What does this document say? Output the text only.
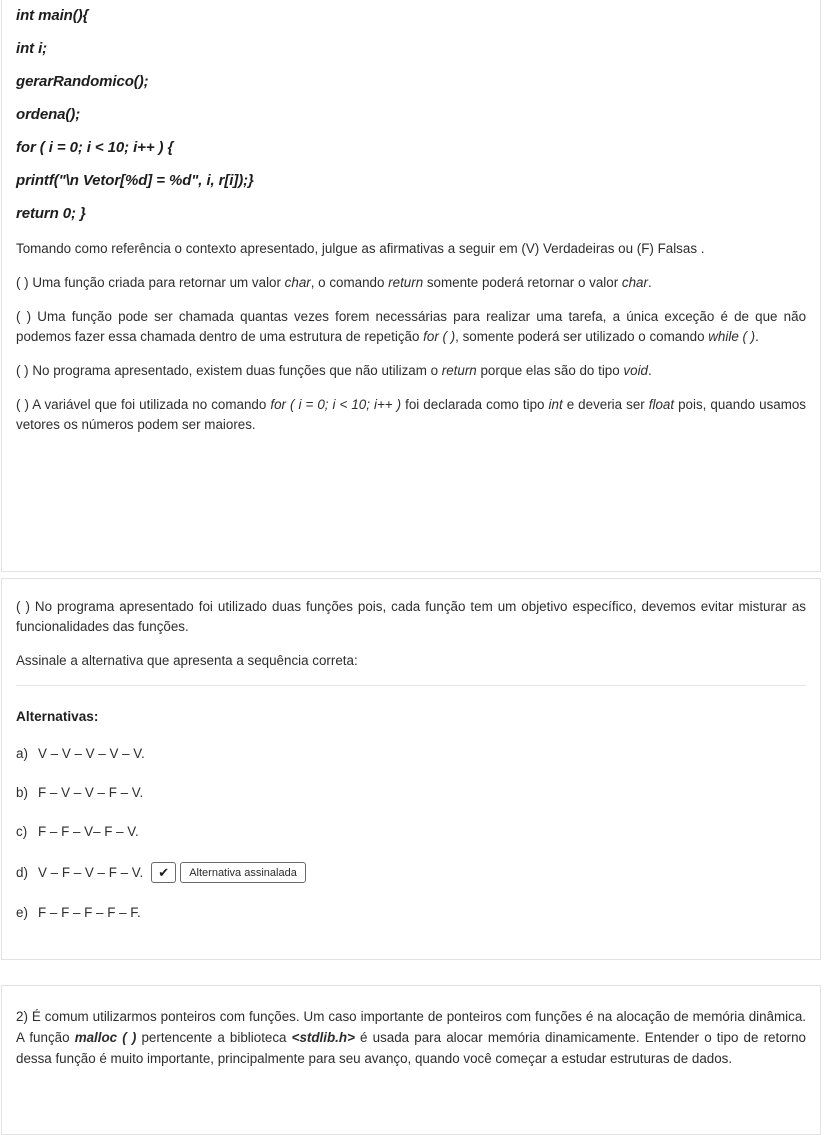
int main(){
int i;
gerarRandomico();
ordena();
for ( i = 0; i < 10; i++ ) {
printf("\n Vetor[%d] = %d", i, r[i]);}
return 0; }

Tomando como referência o contexto apresentado, julgue as afirmativas a seguir em (V) Verdadeiras ou (F) Falsas .

( ) Uma função criada para retornar um valor char, o comando return somente poderá retornar o valor char.

( ) Uma função pode ser chamada quantas vezes forem necessárias para realizar uma tarefa, a única exceção é de que não podemos fazer essa chamada dentro de uma estrutura de repetição for ( ), somente poderá ser utilizado o comando while ( ).

( ) No programa apresentado, existem duas funções que não utilizam o return porque elas são do tipo void.

( ) A variável que foi utilizada no comando for ( i = 0; i < 10; i++ ) foi declarada como tipo int e deveria ser float pois, quando usamos vetores os números podem ser maiores.

( ) No programa apresentado foi utilizado duas funções pois, cada função tem um objetivo específico, devemos evitar misturar as funcionalidades das funções.

Assinale a alternativa que apresenta a sequência correta:

Alternativas:
a) V – V – V – V – V.
b) F – V – V – F – V.
c) F – F – V– F – V.
d) V – F – V – F – V.	✔	Alternativa assinalada
e) F – F – F – F – F.

2) É comum utilizarmos ponteiros com funções. Um caso importante de ponteiros com funções é na alocação de memória dinâmica. A função malloc ( ) pertencente a biblioteca <stdlib.h> é usada para alocar memória dinamicamente. Entender o tipo de retorno dessa função é muito importante, principalmente para seu avanço, quando você começar a estudar estruturas de dados.
